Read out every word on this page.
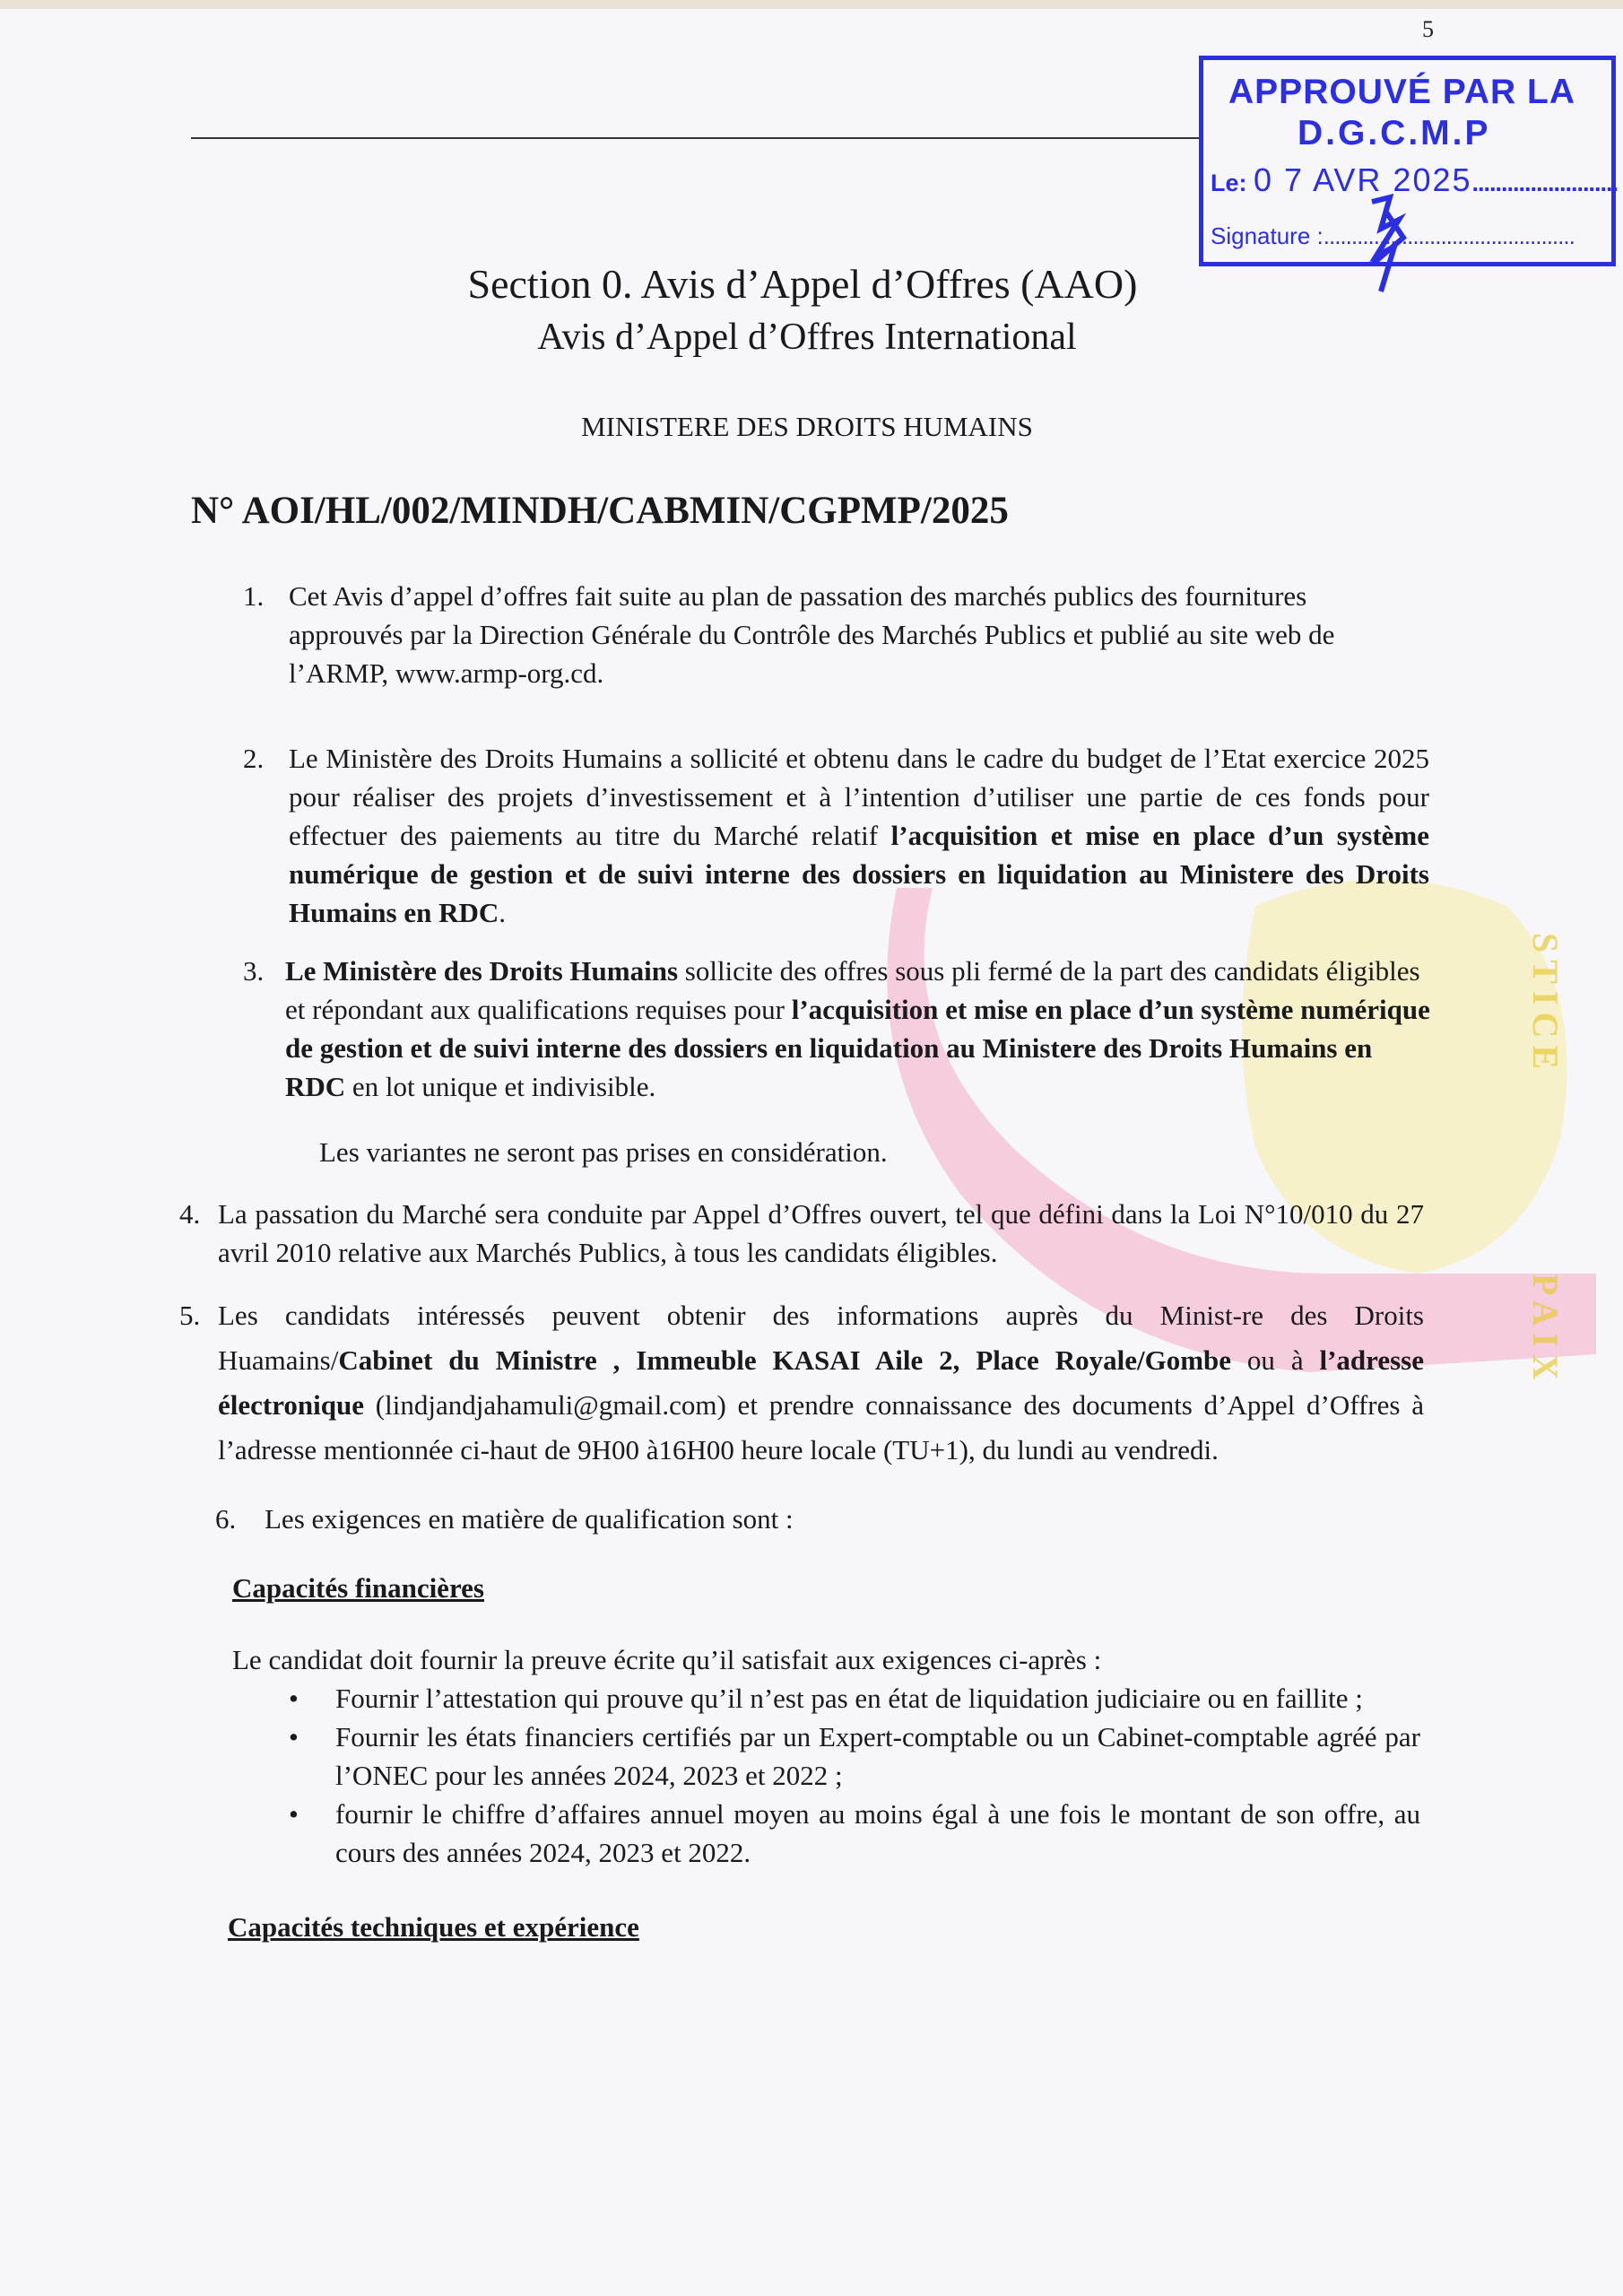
STICE
PAIX
5
APPROUVÉ PAR LA
D.G.C.M.P
Le: 0 7 AVR 2025.........................
Signature :.............................................
Section 0. Avis d’Appel d’Offres (AAO)
Avis d’Appel d’Offres International
MINISTERE DES DROITS HUMAINS
N° AOI/HL/002/MINDH/CABMIN/CGPMP/2025
1. Cet Avis d’appel d’offres fait suite au plan de passation des marchés publics des fournitures approuvés par la Direction Générale du Contrôle des Marchés Publics et publié au site web de l’ARMP, www.armp-org.cd.

2. Le Ministère des Droits Humains a sollicité et obtenu dans le cadre du budget de l’Etat exercice 2025 pour réaliser des projets d’investissement et à l’intention d’utiliser une partie de ces fonds pour effectuer des paiements au titre du Marché relatif l’acquisition et mise en place d’un système numérique de gestion et de suivi interne des dossiers en liquidation au Ministere des Droits Humains en RDC.

3. Le Ministère des Droits Humains sollicite des offres sous pli fermé de la part des candidats éligibles et répondant aux qualifications requises pour l’acquisition et mise en place d’un système numérique de gestion et de suivi interne des dossiers en liquidation au Ministere des Droits Humains en RDC en lot unique et indivisible.

Les variantes ne seront pas prises en considération.
4. La passation du Marché sera conduite par Appel d’Offres ouvert, tel que défini dans la Loi N°10/010 du 27 avril 2010 relative aux Marchés Publics, à tous les candidats éligibles.

5. Les candidats intéressés peuvent obtenir des informations auprès du Minist-re des Droits Huamains/Cabinet du Ministre , Immeuble KASAI Aile 2, Place Royale/Gombe ou à l’adresse électronique (lindjandjahamuli@gmail.com) et prendre connaissance des documents d’Appel d’Offres à l’adresse mentionnée ci-haut de 9H00 à16H00 heure locale (TU+1), du lundi au vendredi.

6. Les exigences en matière de qualification sont :

Capacités financières
Le candidat doit fournir la preuve écrite qu’il satisfait aux exigences ci-après :
• Fournir l’attestation qui prouve qu’il n’est pas en état de liquidation judiciaire ou en faillite ;

• Fournir les états financiers certifiés par un Expert-comptable ou un Cabinet-comptable agréé par l’ONEC pour les années 2024, 2023 et 2022 ;

• fournir le chiffre d’affaires annuel moyen au moins égal à une fois le montant de son offre, au cours des années 2024, 2023 et 2022.

Capacités techniques et expérience
